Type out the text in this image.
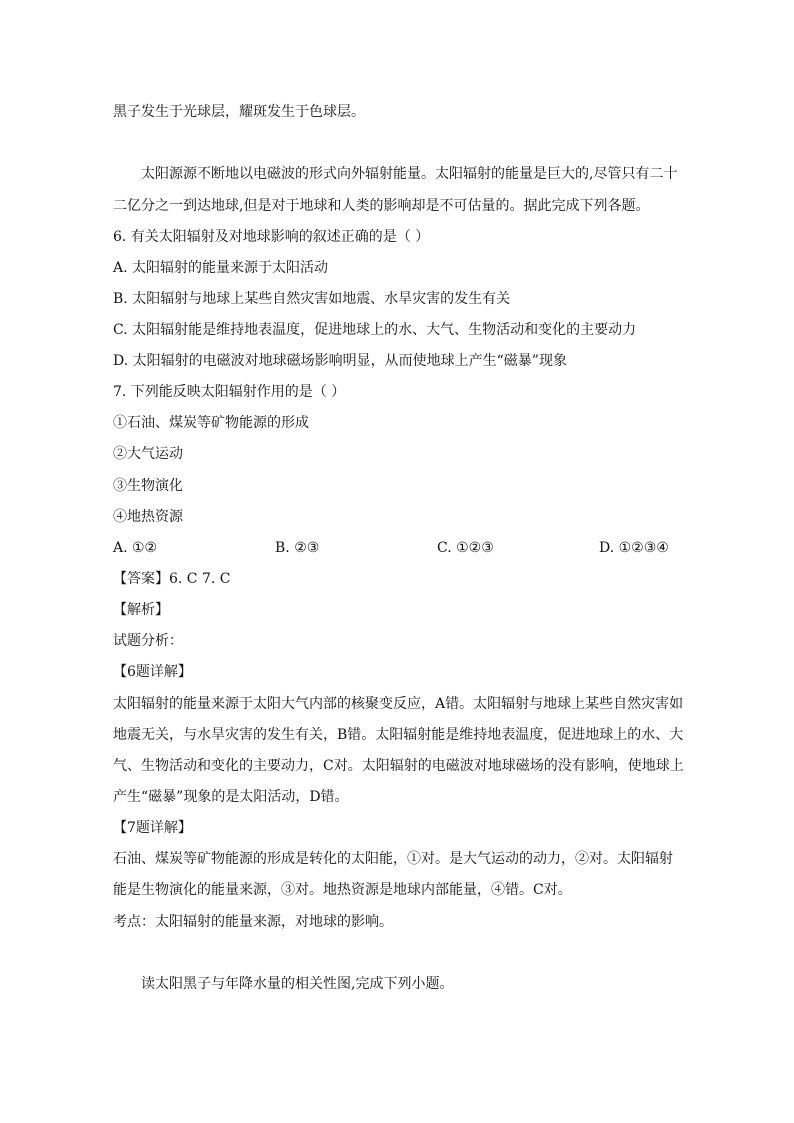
黑子发生于光球层，耀斑发生于色球层。
太阳源源不断地以电磁波的形式向外辐射能量。太阳辐射的能量是巨大的,尽管只有二十
二亿分之一到达地球,但是对于地球和人类的影响却是不可估量的。据此完成下列各题。
6. 有关太阳辐射及对地球影响的叙述正确的是（ ）
A. 太阳辐射的能量来源于太阳活动
B. 太阳辐射与地球上某些自然灾害如地震、水旱灾害的发生有关
C. 太阳辐射能是维持地表温度，促进地球上的水、大气、生物活动和变化的主要动力
D. 太阳辐射的电磁波对地球磁场影响明显，从而使地球上产生“磁暴”现象
7. 下列能反映太阳辐射作用的是（ ）
①石油、煤炭等矿物能源的形成
②大气运动
③生物演化
④地热资源
A. ①②	B. ②③	C. ①②③	D. ①②③④
【答案】6. C 7. C
【解析】
试题分析：
【6题详解】
太阳辐射的能量来源于太阳大气内部的核聚变反应，A错。太阳辐射与地球上某些自然灾害如
地震无关，与水旱灾害的发生有关，B错。太阳辐射能是维持地表温度，促进地球上的水、大
气、生物活动和变化的主要动力，C对。太阳辐射的电磁波对地球磁场的没有影响，使地球上
产生“磁暴”现象的是太阳活动，D错。
【7题详解】
石油、煤炭等矿物能源的形成是转化的太阳能，①对。是大气运动的动力，②对。太阳辐射
能是生物演化的能量来源，③对。地热资源是地球内部能量，④错。C对。
考点：太阳辐射的能量来源，对地球的影响。
读太阳黑子与年降水量的相关性图,完成下列小题。
